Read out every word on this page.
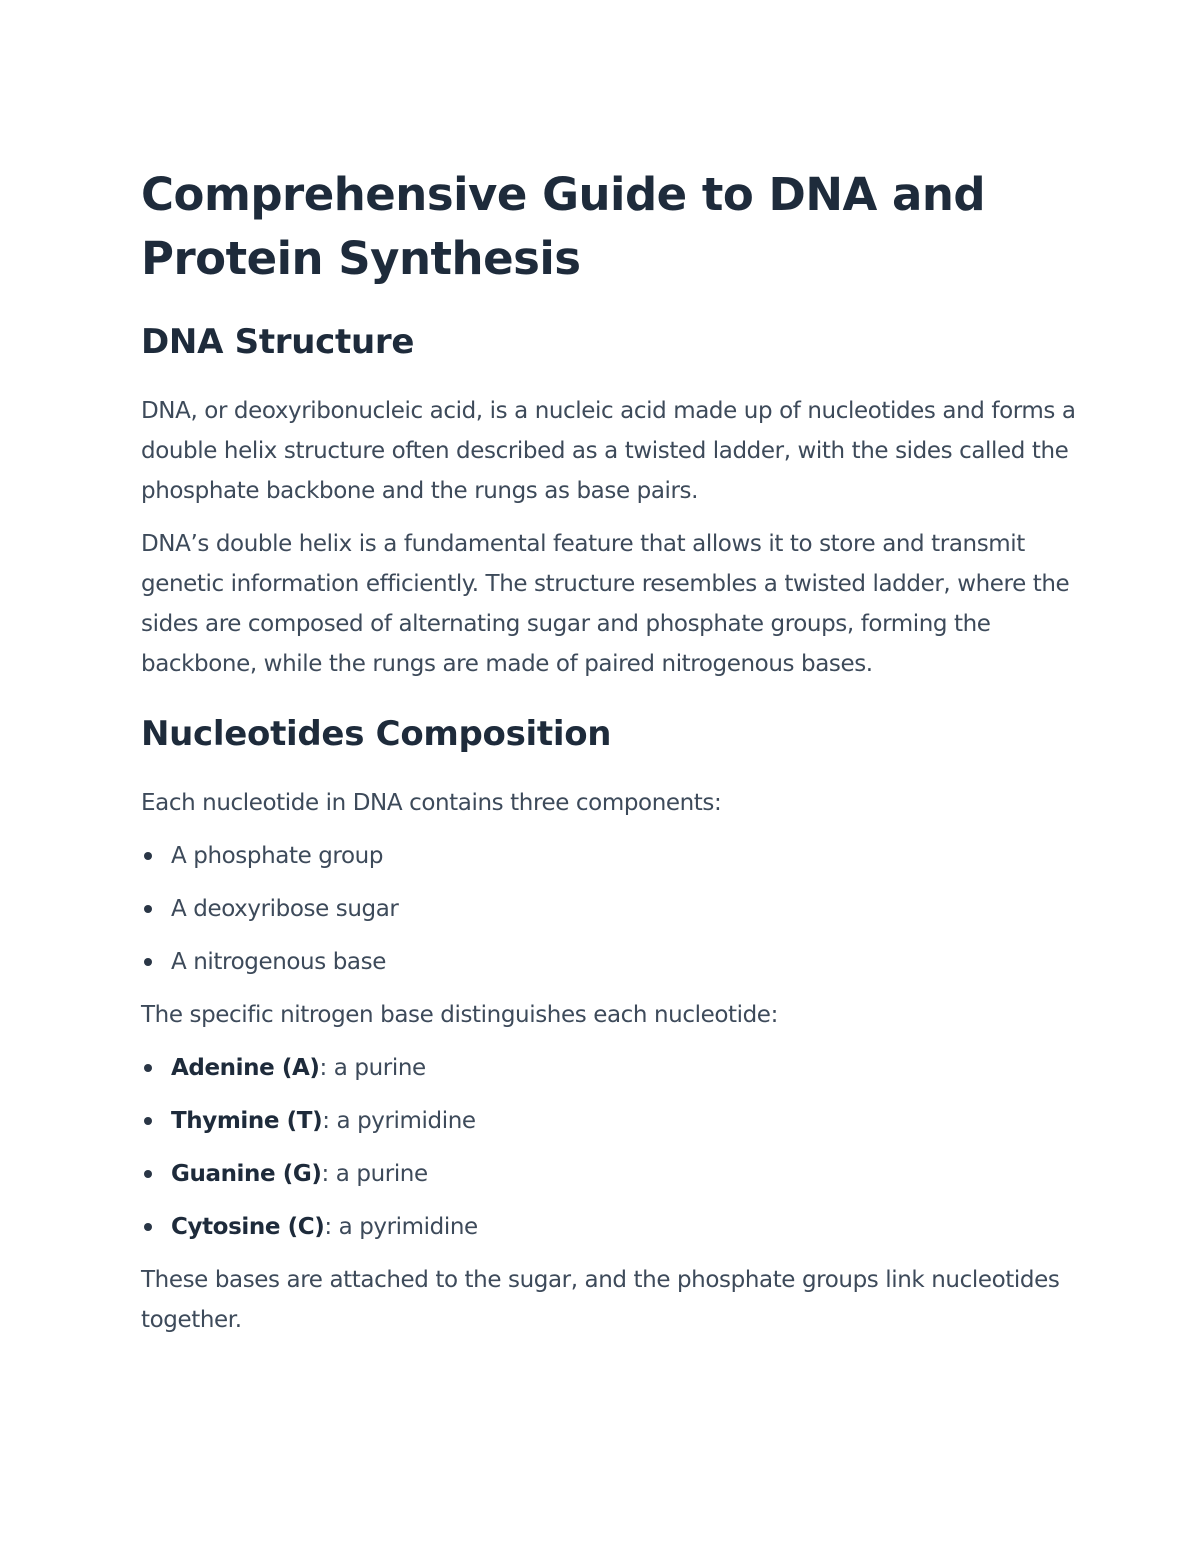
Comprehensive Guide to DNA and Protein Synthesis
DNA Structure

DNA, or deoxyribonucleic acid, is a nucleic acid made up of nucleotides and forms a double helix structure often described as a twisted ladder, with the sides called the phosphate backbone and the rungs as base pairs.

DNA’s double helix is a fundamental feature that allows it to store and transmit genetic information efficiently. The structure resembles a twisted ladder, where the sides are composed of alternating sugar and phosphate groups, forming the backbone, while the rungs are made of paired nitrogenous bases.

Nucleotides Composition

Each nucleotide in DNA contains three components:

A phosphate group
A deoxyribose sugar
A nitrogenous base

The specific nitrogen base distinguishes each nucleotide:

Adenine (A): a purine
Thymine (T): a pyrimidine
Guanine (G): a purine
Cytosine (C): a pyrimidine

These bases are attached to the sugar, and the phosphate groups link nucleotides together.
